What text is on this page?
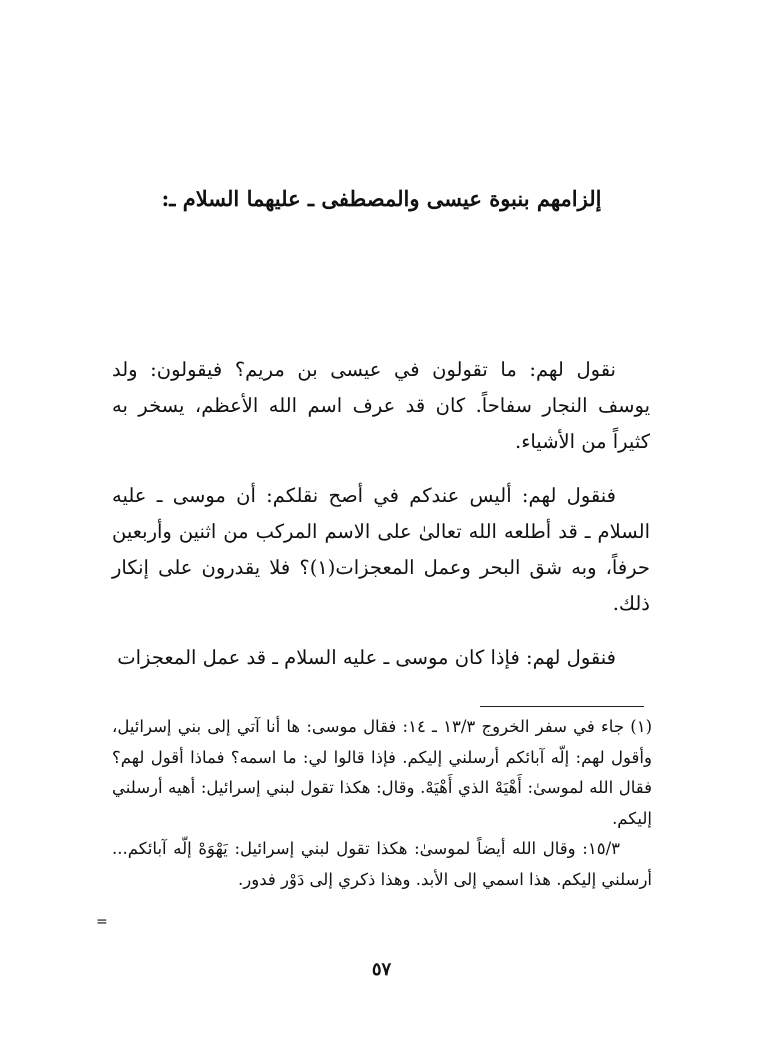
إلزامهم بنبوة عيسى والمصطفى ـ عليهما السلام ـ:

نقول لهم: ما تقولون في عيسى بن مريم؟ فيقولون: ولد يوسف النجار سفاحاً. كان قد عرف اسم الله الأعظم، يسخر به كثيراً من الأشياء.

فنقول لهم: أليس عندكم في أصح نقلكم: أن موسى ـ عليه السلام ـ قد أطلعه الله تعالىٰ على الاسم المركب من اثنين وأربعين حرفاً، وبه شق البحر وعمل المعجزات(١)؟ فلا يقدرون على إنكار ذلك.

فنقول لهم: فإذا كان موسى ـ عليه السلام ـ قد عمل المعجزات

(١) جاء في سفر الخروج ١٣/٣ ـ ١٤: فقال موسى: ها أنا آتي إلى بني إسرائيل، وأقول لهم: إلّه آبائكم أرسلني إليكم. فإذا قالوا لي: ما اسمه؟ فماذا أقول لهم؟ فقال الله لموسىٰ: أَهْيَهْ الذي أَهْيَهْ. وقال: هكذا تقول لبني إسرائيل: أهيه أرسلني إليكم.

١٥/٣: وقال الله أيضاً لموسىٰ: هكذا تقول لبني إسرائيل: يَهْوَهْ إلّه آبائكم... أرسلني إليكم. هذا اسمي إلى الأبد. وهذا ذكري إلى دَوْر فدور.

=
٥٧
